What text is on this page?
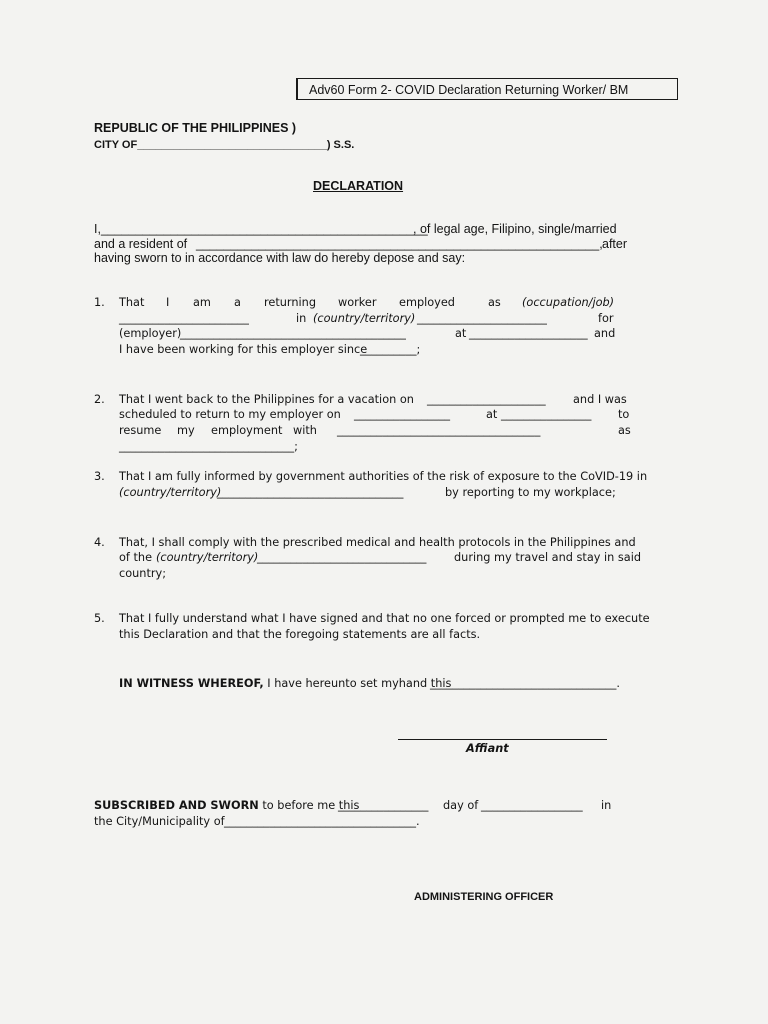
Adv60 Form 2- COVID Declaration Returning Worker/ BM
REPUBLIC OF THE PHILIPPINES )
CITY OF_______________________________) S.S.
DECLARATION
I,_______________________________________________
, of legal age, Filipino, single/married
and a resident of __________________________________________________________, after
having sworn to in accordance with law do hereby depose and say:
1. That I am a returning worker employed	as (occupation/job)
_______________________	in (country/territory) _______________________	for
(employer)
________________________________________	at _____________________ and
I have been working for this employer since
__________;
2. That I went back to the Philippines for a vacation on _____________________ and I was
scheduled to return to my employer on _________________	at ________________ to
resume my employment with ____________________________________	as
_______________________________;
3. That I am fully informed by government authorities of the risk of exposure to the CoVID-19 in
(country/territory)
_________________________________	by reporting to my workplace;
4. That, I shall comply with the prescribed medical and health protocols in the Philippines and
of the (country/territory)
______________________________ during my travel and stay in said
country;
5. That I fully understand what I have signed and that no one forced or prompted me to execute
this Declaration and that the foregoing statements are all facts.
IN WITNESS WHEREOF, I have hereunto set myhand this
_________________________________.
Affiant
SUBSCRIBED AND SWORN to before me this
________________ day of __________________ in
the City/Municipality of __________________________________.
ADMINISTERING OFFICER
